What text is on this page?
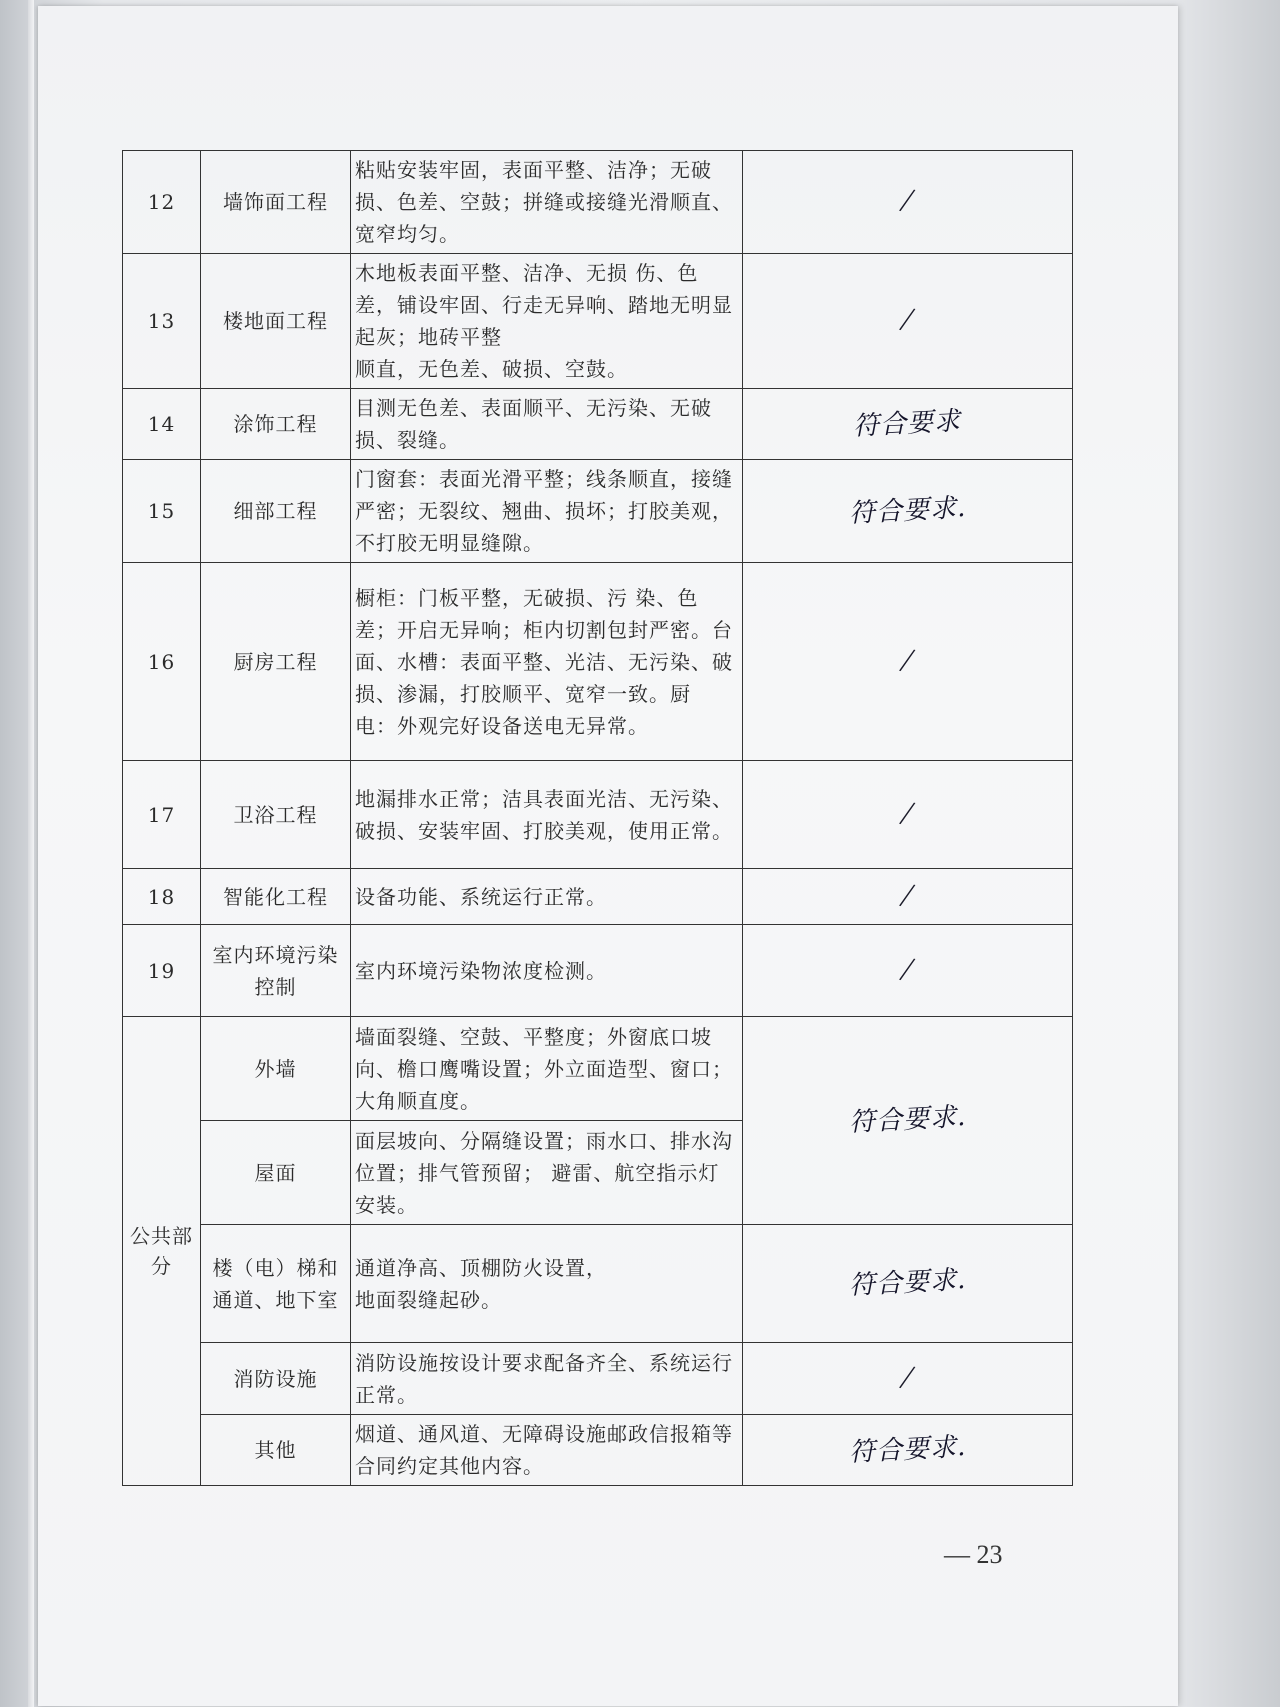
12	墙饰面工程	粘贴安装牢固，表面平整、洁净；无破损、色差、空鼓；拼缝或接缝光滑顺直、宽窄均匀。	/
13	楼地面工程	木地板表面平整、洁净、无损 伤、色差，铺设牢固、行走无异响、踏地无明显起灰；地砖平整
顺直，无色差、破损、空鼓。	/
14	涂饰工程	目测无色差、表面顺平、无污染、无破损、裂缝。	符合要求
15	细部工程	门窗套：表面光滑平整；线条顺直，接缝严密；无裂纹、翘曲、损坏；打胶美观，不打胶无明显缝隙。	符合要求.
16	厨房工程	橱柜：门板平整，无破损、污 染、色差；开启无异响；柜内切割包封严密。台面、水槽：表面平整、光洁、无污染、破损、渗漏，打胶顺平、宽窄一致。厨
电：外观完好设备送电无异常。	/
17	卫浴工程	地漏排水正常；洁具表面光洁、无污染、破损、安装牢固、打胶美观，使用正常。	/
18	智能化工程	设备功能、系统运行正常。	/
19	室内环境污染控制	室内环境污染物浓度检测。	/
公共部分	外墙	墙面裂缝、空鼓、平整度；外窗底口坡向、檐口鹰嘴设置；外立面造型、窗口；大角顺直度。	符合要求.
	屋面	面层坡向、分隔缝设置；雨水口、排水沟位置；排气管预留； 避雷、航空指示灯安装。	
	楼（电）梯和通道、地下室	通道净高、顶棚防火设置，
地面裂缝起砂。	符合要求.
	消防设施	消防设施按设计要求配备齐全、系统运行正常。	/
	其他	烟道、通风道、无障碍设施邮政信报箱等合同约定其他内容。	符合要求.
— 23
